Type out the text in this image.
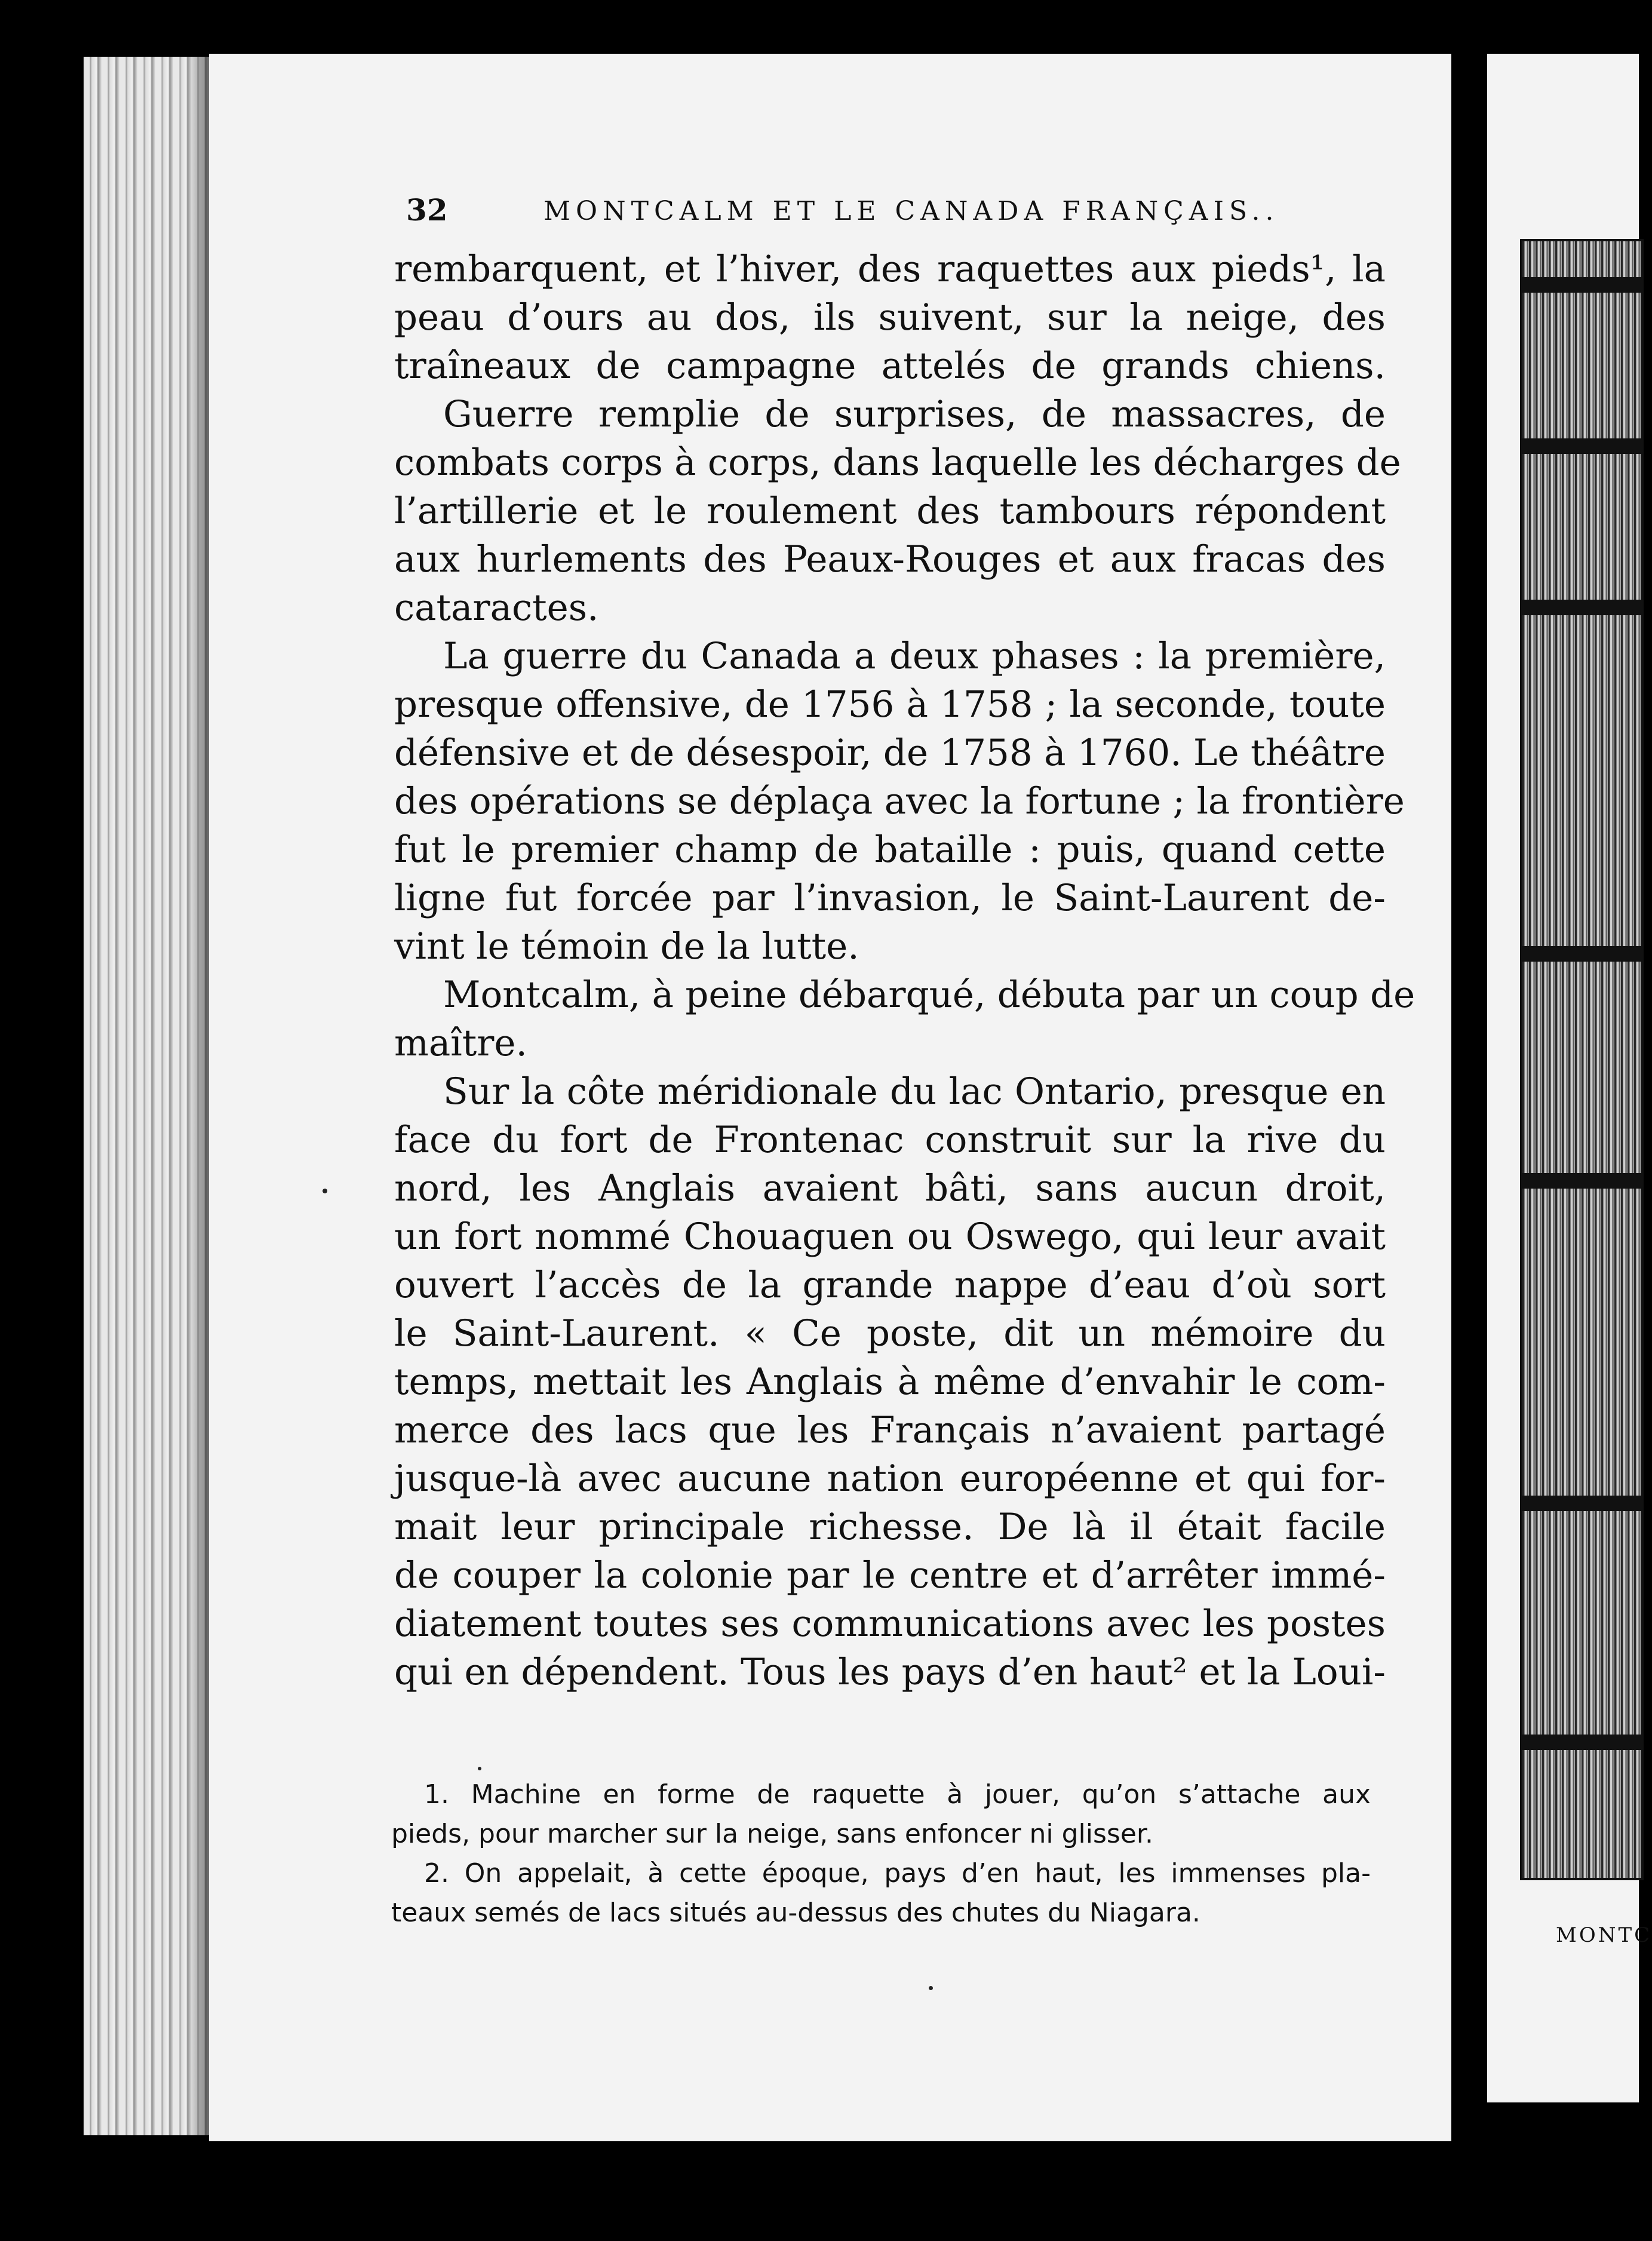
MONTC
32	MONTCALM ET LE CANADA FRANÇAIS..
rembarquent, et l’hiver, des raquettes aux pieds¹, la
peau d’ours au dos, ils suivent, sur la neige, des
traîneaux de campagne attelés de grands chiens.
Guerre remplie de surprises, de massacres, de
combats corps à corps, dans laquelle les décharges de
l’artillerie et le roulement des tambours répondent
aux hurlements des Peaux-Rouges et aux fracas des
cataractes.
La guerre du Canada a deux phases : la première,
presque offensive, de 1756 à 1758 ; la seconde, toute
défensive et de désespoir, de 1758 à 1760. Le théâtre
des opérations se déplaça avec la fortune ; la frontière
fut le premier champ de bataille : puis, quand cette
ligne fut forcée par l’invasion, le Saint-Laurent de-
vint le témoin de la lutte.
Montcalm, à peine débarqué, débuta par un coup de
maître.
Sur la côte méridionale du lac Ontario, presque en
face du fort de Frontenac construit sur la rive du
nord, les Anglais avaient bâti, sans aucun droit,
un fort nommé Chouaguen ou Oswego, qui leur avait
ouvert l’accès de la grande nappe d’eau d’où sort
le Saint-Laurent. « Ce poste, dit un mémoire du
temps, mettait les Anglais à même d’envahir le com-
merce des lacs que les Français n’avaient partagé
jusque-là avec aucune nation européenne et qui for-
mait leur principale richesse. De là il était facile
de couper la colonie par le centre et d’arrêter immé-
diatement toutes ses communications avec les postes
qui en dépendent. Tous les pays d’en haut² et la Loui-
1. Machine en forme de raquette à jouer, qu’on s’attache aux
pieds, pour marcher sur la neige, sans enfoncer ni glisser.
2. On appelait, à cette époque, pays d’en haut, les immenses pla-
teaux semés de lacs situés au-dessus des chutes du Niagara.
